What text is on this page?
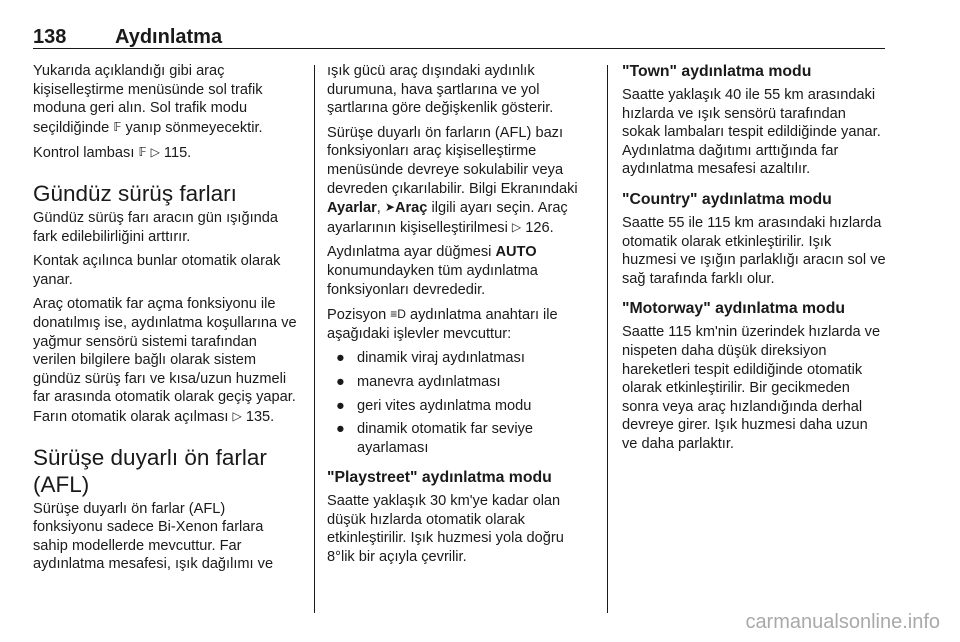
138 Aydınlatma

Yukarıda açıklandığı gibi araç kişiselleştirme menüsünde sol trafik moduna geri alın. Sol trafik modu seçildiğinde 𝔽 yanıp sönmeyecektir.

Kontrol lambası 𝔽 ▷ 115.

Gündüz sürüş farları

Gündüz sürüş farı aracın gün ışığında fark edilebilirliğini arttırır.

Kontak açılınca bunlar otomatik olarak yanar.

Araç otomatik far açma fonksiyonu ile donatılmış ise, aydınlatma koşullarına ve yağmur sensörü sistemi tarafından verilen bilgilere bağlı olarak sistem gündüz sürüş farı ve kısa/uzun huzmeli far arasında otomatik olarak geçiş yapar. Farın otomatik olarak açılması ▷ 135.

Sürüşe duyarlı ön farlar (AFL)

Sürüşe duyarlı ön farlar (AFL) fonksiyonu sadece Bi-Xenon farlara sahip modellerde mevcuttur. Far aydınlatma mesafesi, ışık dağılımı ve

ışık gücü araç dışındaki aydınlık durumuna, hava şartlarına ve yol şartlarına göre değişkenlik gösterir.

Sürüşe duyarlı ön farların (AFL) bazı fonksiyonları araç kişiselleştirme menüsünde devreye sokulabilir veya devreden çıkarılabilir. Bilgi Ekranındaki Ayarlar, ➤Araç ilgili ayarı seçin. Araç ayarlarının kişiselleştirilmesi ▷ 126.

Aydınlatma ayar düğmesi AUTO konumundayken tüm aydınlatma fonksiyonları devrededir.

Pozisyon ≡D aydınlatma anahtarı ile aşağıdaki işlevler mevcuttur:

● dinamik viraj aydınlatması
● manevra aydınlatması
● geri vites aydınlatma modu
● dinamik otomatik far seviye ayarlaması
"Playstreet" aydınlatma modu

Saatte yaklaşık 30 km'ye kadar olan düşük hızlarda otomatik olarak etkinleştirilir. Işık huzmesi yola doğru 8°lik bir açıyla çevrilir.

"Town" aydınlatma modu

Saatte yaklaşık 40 ile 55 km arasındaki hızlarda ve ışık sensörü tarafından sokak lambaları tespit edildiğinde yanar. Aydınlatma dağıtımı arttığında far aydınlatma mesafesi azaltılır.

"Country" aydınlatma modu

Saatte 55 ile 115 km arasındaki hızlarda otomatik olarak etkinleştirilir. Işık huzmesi ve ışığın parlaklığı aracın sol ve sağ tarafında farklı olur.

"Motorway" aydınlatma modu

Saatte 115 km'nin üzerindek hızlarda ve nispeten daha düşük direksiyon hareketleri tespit edildiğinde otomatik olarak etkinleştirilir. Bir gecikmeden sonra veya araç hızlandığında derhal devreye girer. Işık huzmesi daha uzun ve daha parlaktır.

carmanualsonline.info
